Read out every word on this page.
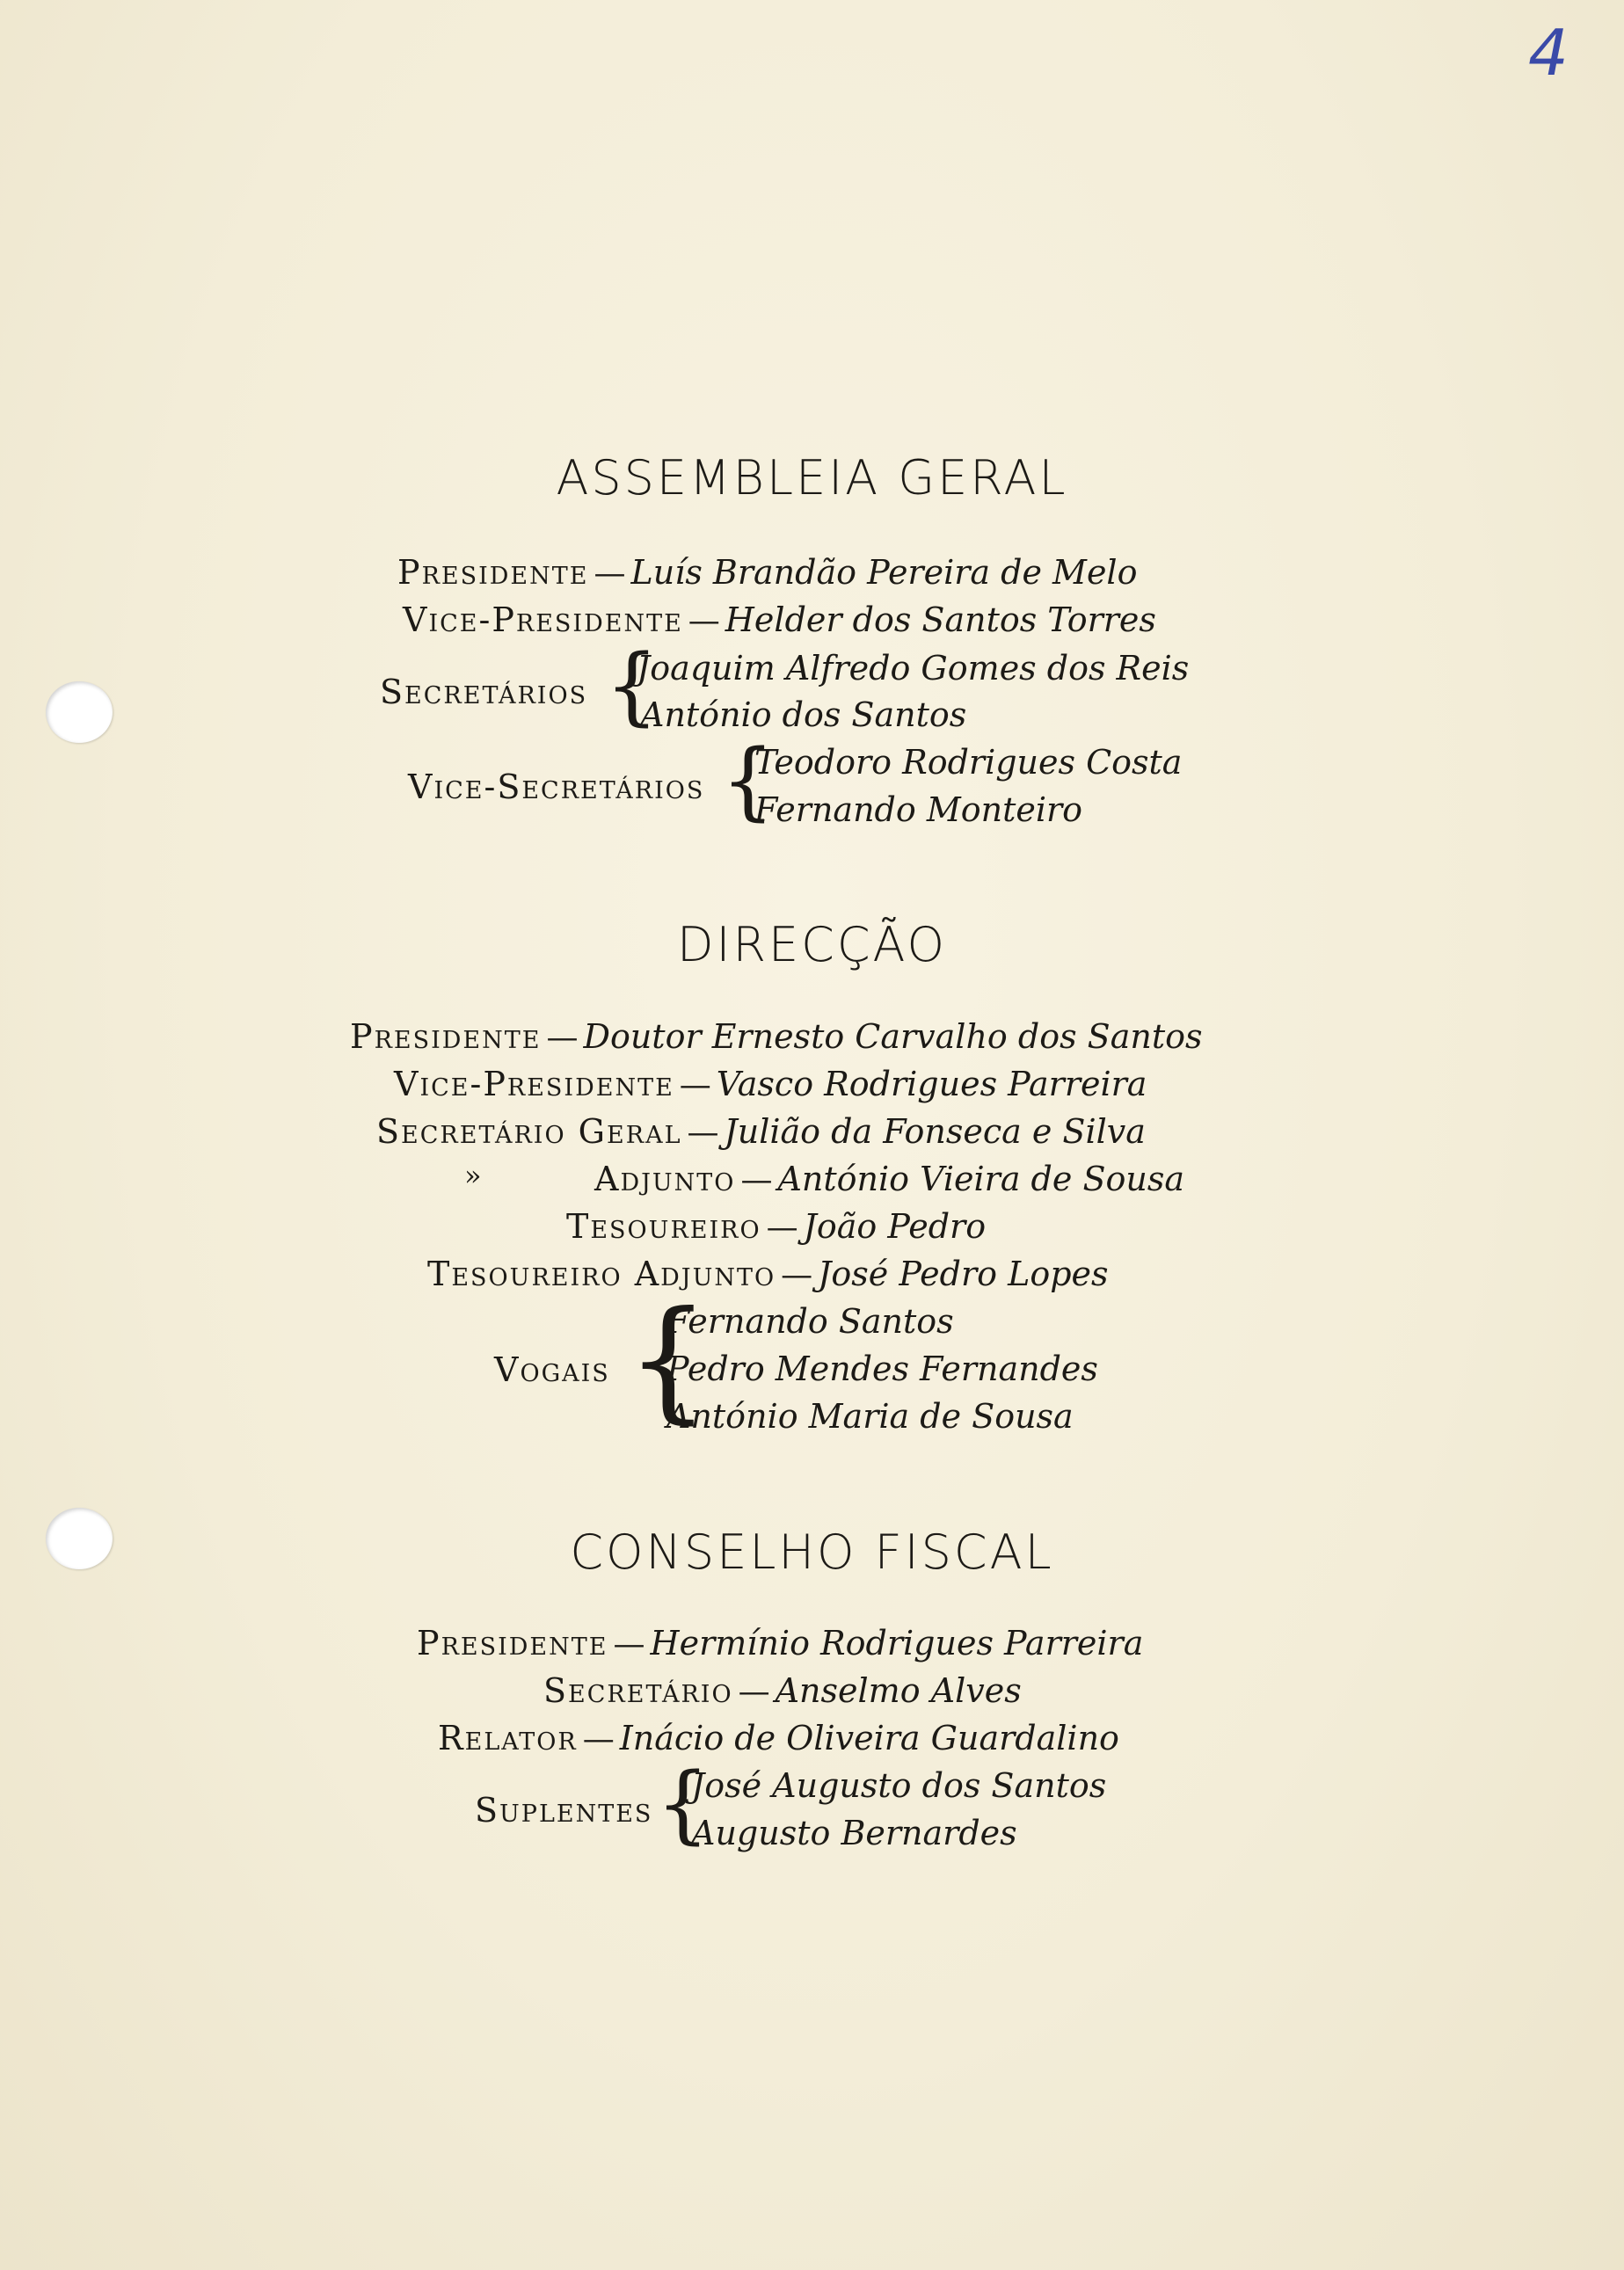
4
ASSEMBLEIA GERAL
Presidente — Luís Brandão Pereira de Melo
Vice-Presidente — Helder dos Santos Torres
Secretários {
Joaquim Alfredo Gomes dos Reis
António dos Santos
Vice-Secretários {
Teodoro Rodrigues Costa
Fernando Monteiro
DIRECÇÃO
Presidente — Doutor Ernesto Carvalho dos Santos
Vice-Presidente — Vasco Rodrigues Parreira
Secretário Geral — Julião da Fonseca e Silva
»	Adjunto — António Vieira de Sousa
Tesoureiro — João Pedro
Tesoureiro Adjunto — José Pedro Lopes
Vogais {
Fernando Santos
Pedro Mendes Fernandes
António Maria de Sousa
CONSELHO FISCAL
Presidente — Hermínio Rodrigues Parreira
Secretário — Anselmo Alves
Relator — Inácio de Oliveira Guardalino
Suplentes {
José Augusto dos Santos
Augusto Bernardes
